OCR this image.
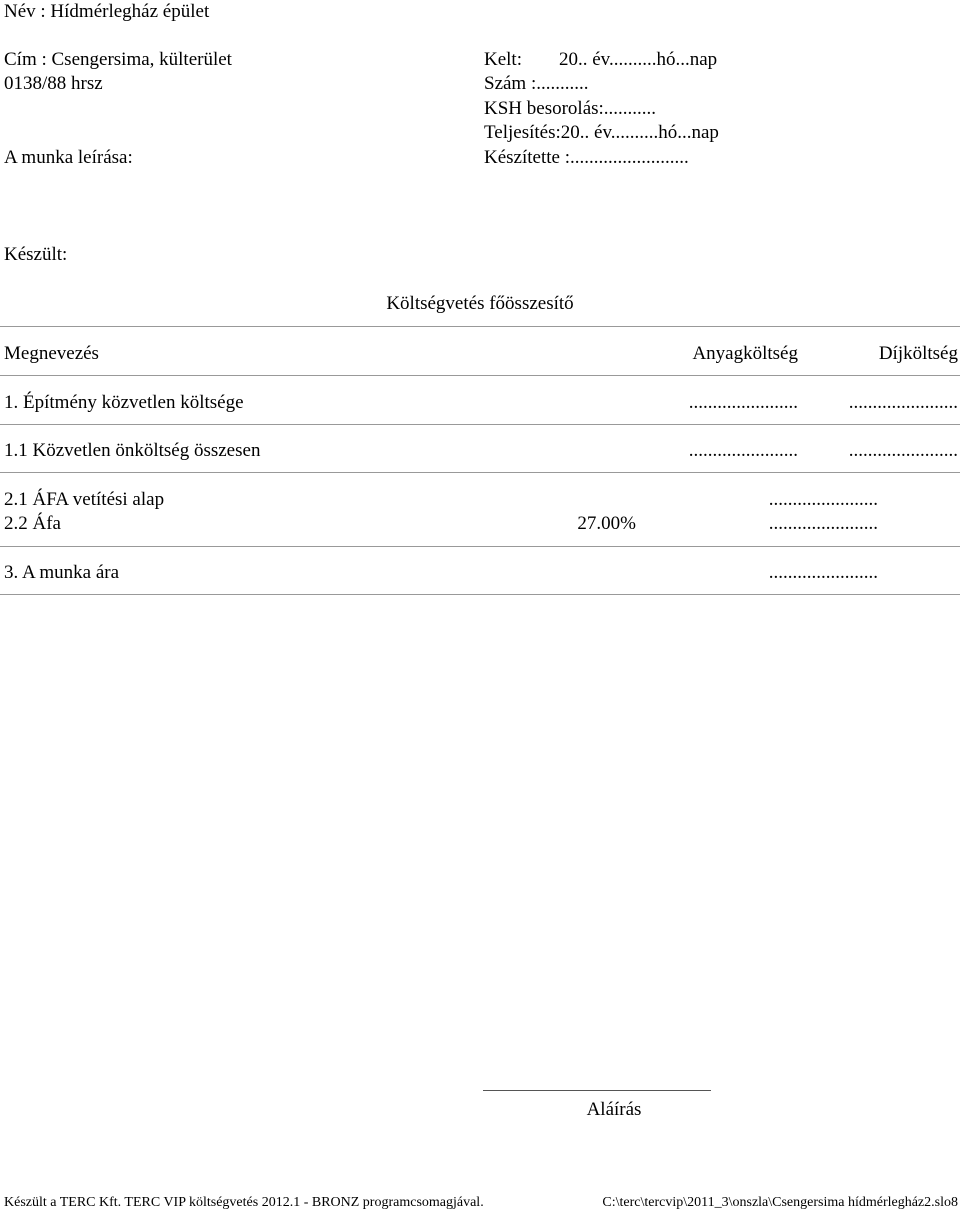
Név : Hídmérlegház épület
Cím : Csengersima, külterület
0138/88 hrsz
A munka leírása:
Kelt: 20.. év..........hó...nap
Szám :...........
KSH besorolás:...........
Teljesítés:20.. év..........hó...nap
Készítette :.........................
Készült:
Költségvetés főösszesítő
Megnevezés	Anyagköltség	Díjköltség
1. Építmény közvetlen költsége	.......................	.......................
1.1 Közvetlen önköltség összesen	.......................	.......................
2.1 ÁFA vetítési alap	.......................
2.2 Áfa	27.00%	.......................
3. A munka ára	.......................
Aláírás
Készült a TERC Kft. TERC VIP költségvetés 2012.1 - BRONZ programcsomagjával.	C:\terc\tercvip\2011_3\onszla\Csengersima hídmérlegház2.slo8
